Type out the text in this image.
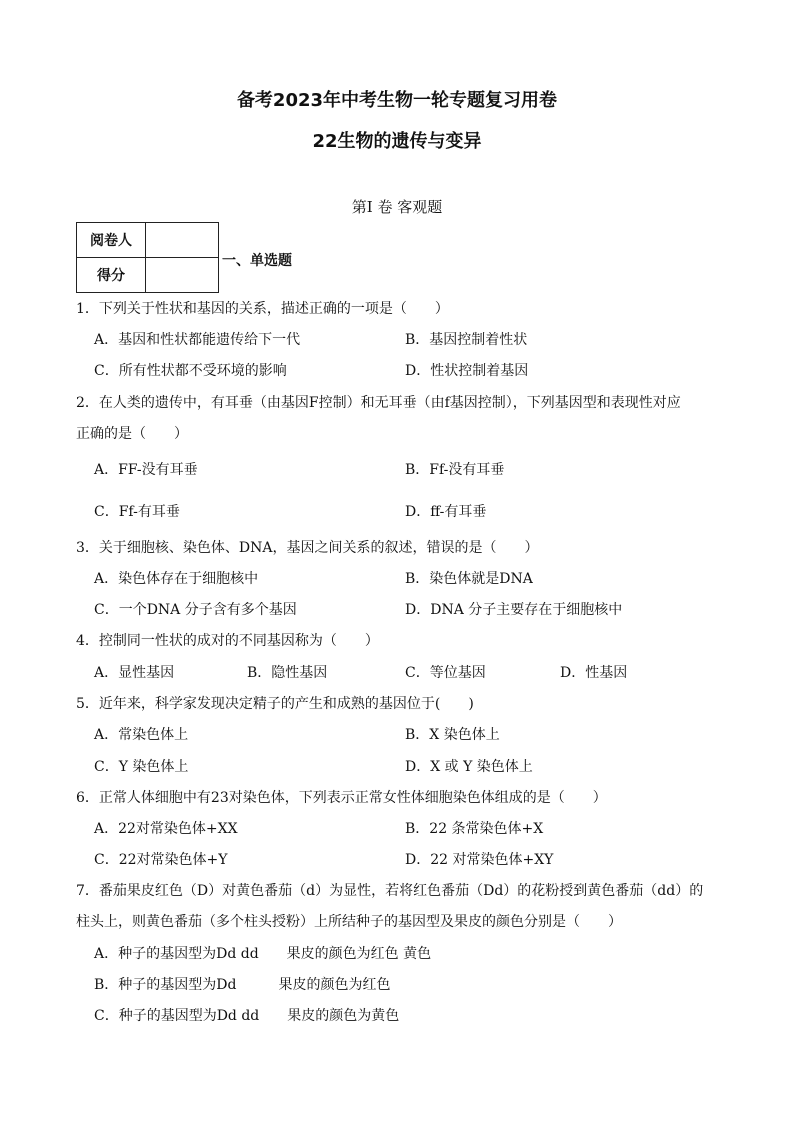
备考2023年中考生物一轮专题复习用卷
22生物的遗传与变异
第Ⅰ 卷 客观题
阅卷人	
得分	
一、单选题
1．下列关于性状和基因的关系，描述正确的一项是（　　）
A．基因和性状都能遗传给下一代	B．基因控制着性状
C．所有性状都不受环境的影响	D．性状控制着基因
2．在人类的遗传中，有耳垂（由基因F控制）和无耳垂（由f基因控制），下列基因型和表现性对应
正确的是（　　）
A．FF-没有耳垂	B．Ff-没有耳垂
C．Ff-有耳垂	D．ff-有耳垂
3．关于细胞核、染色体、DNA，基因之间关系的叙述，错误的是（　　）
A．染色体存在于细胞核中	B．染色体就是DNA
C．一个DNA 分子含有多个基因	D．DNA 分子主要存在于细胞核中
4．控制同一性状的成对的不同基因称为（　　）
A．显性基因	B．隐性基因	C．等位基因	D．性基因
5．近年来，科学家发现决定精子的产生和成熟的基因位于(　　)
A．常染色体上	B．X 染色体上
C．Y 染色体上	D．X 或 Y 染色体上
6．正常人体细胞中有23对染色体，下列表示正常女性体细胞染色体组成的是（　　）
A．22对常染色体+XX	B．22 条常染色体+X
C．22对常染色体+Y	D．22 对常染色体+XY
7．番茄果皮红色（D）对黄色番茄（d）为显性，若将红色番茄（Dd）的花粉授到黄色番茄（dd）的
柱头上，则黄色番茄（多个柱头授粉）上所结种子的基因型及果皮的颜色分别是（　　）
A．种子的基因型为Dd dd　　果皮的颜色为红色 黄色
B．种子的基因型为Dd　　　果皮的颜色为红色
C．种子的基因型为Dd dd　　果皮的颜色为黄色
